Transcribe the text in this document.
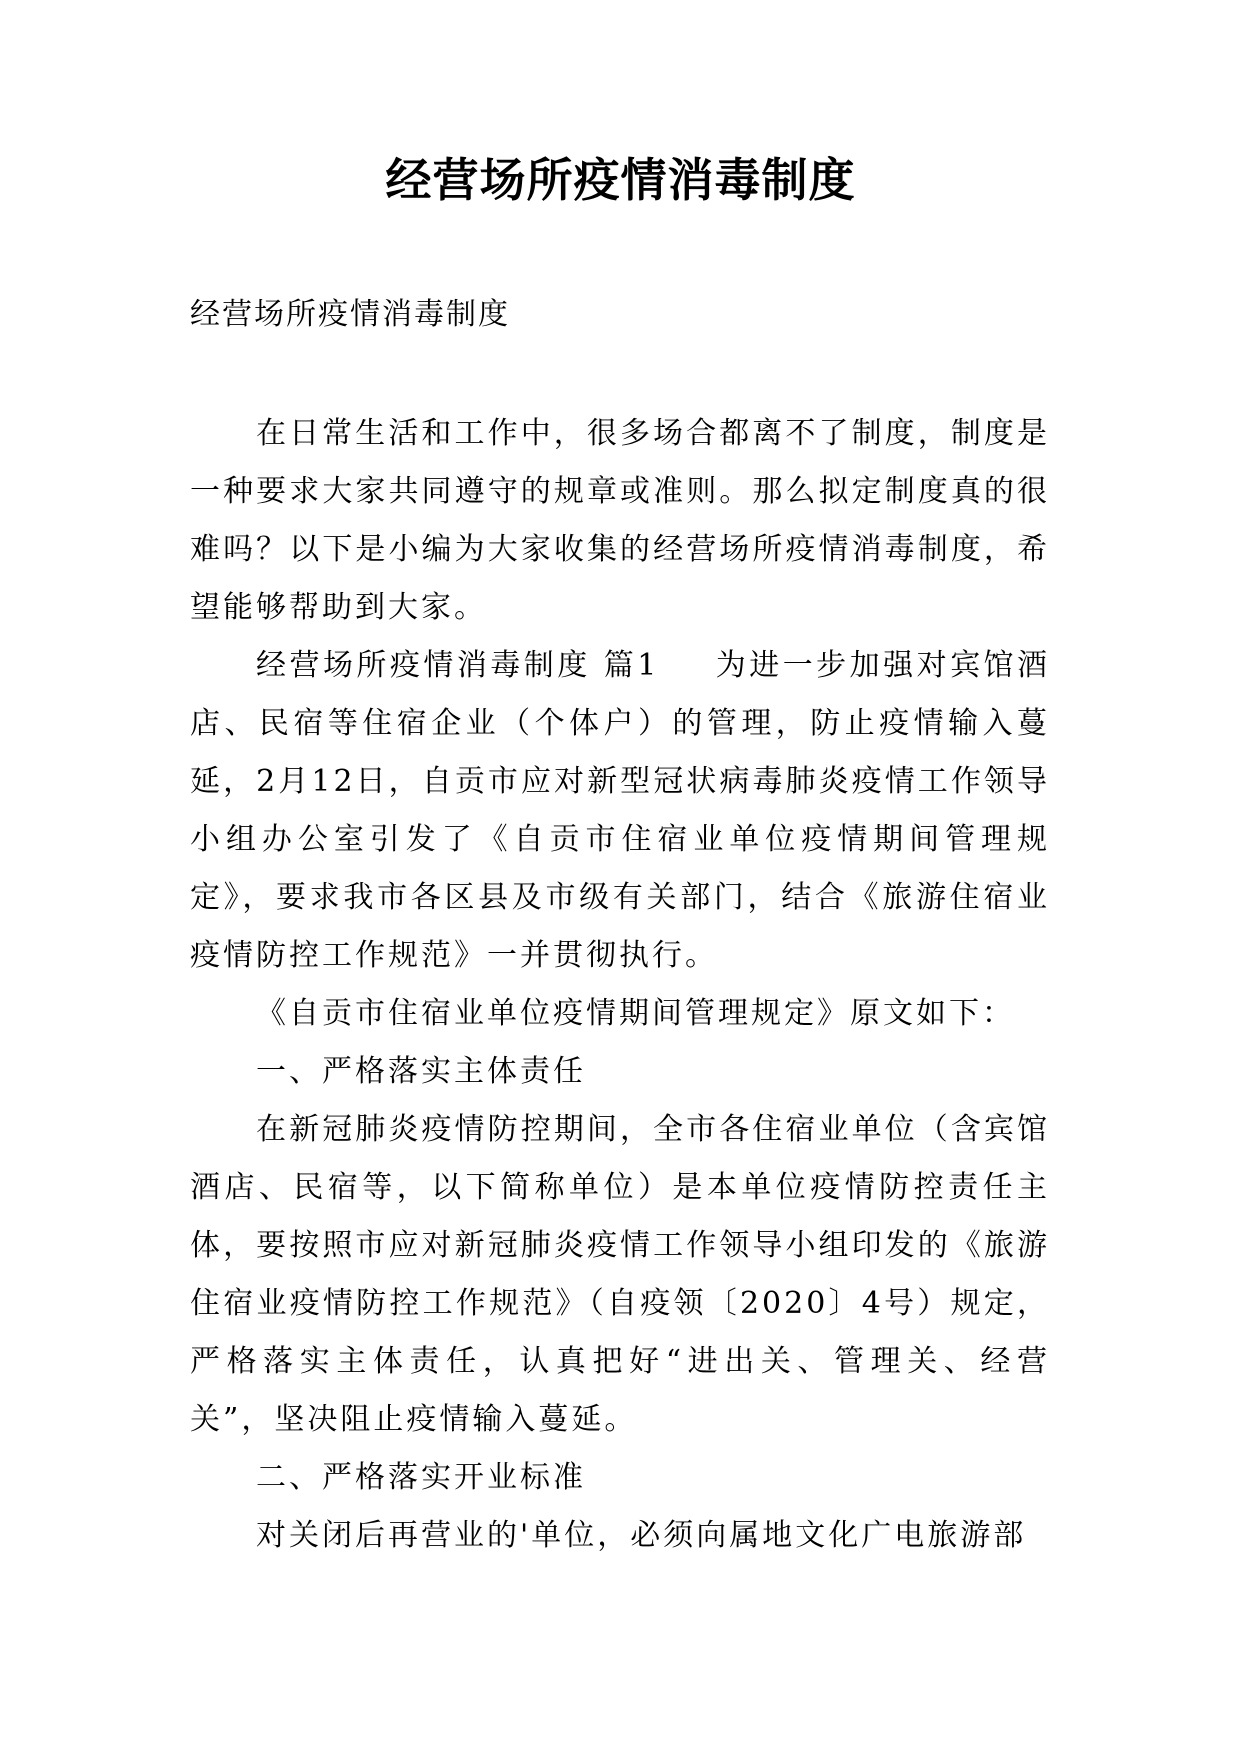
经营场所疫情消毒制度
经营场所疫情消毒制度

在日常生活和工作中，很多场合都离不了制度，制度是一种要求大家共同遵守的规章或准则。那么拟定制度真的很难吗？以下是小编为大家收集的经营场所疫情消毒制度，希望能够帮助到大家。

经营场所疫情消毒制度 篇1 为进一步加强对宾馆酒店、民宿等住宿企业（个体户）的管理，防止疫情输入蔓延，2月12日，自贡市应对新型冠状病毒肺炎疫情工作领导小组办公室引发了《自贡市住宿业单位疫情期间管理规定》，要求我市各区县及市级有关部门，结合《旅游住宿业疫情防控工作规范》一并贯彻执行。

《自贡市住宿业单位疫情期间管理规定》原文如下：

一、严格落实主体责任

在新冠肺炎疫情防控期间，全市各住宿业单位（含宾馆酒店、民宿等，以下简称单位）是本单位疫情防控责任主体，要按照市应对新冠肺炎疫情工作领导小组印发的《旅游住宿业疫情防控工作规范》（自疫领〔2020〕4号）规定，严格落实主体责任，认真把好“进出关、管理关、经营关”，坚决阻止疫情输入蔓延。

二、严格落实开业标准

对关闭后再营业的'单位，必须向属地文化广电旅游部
